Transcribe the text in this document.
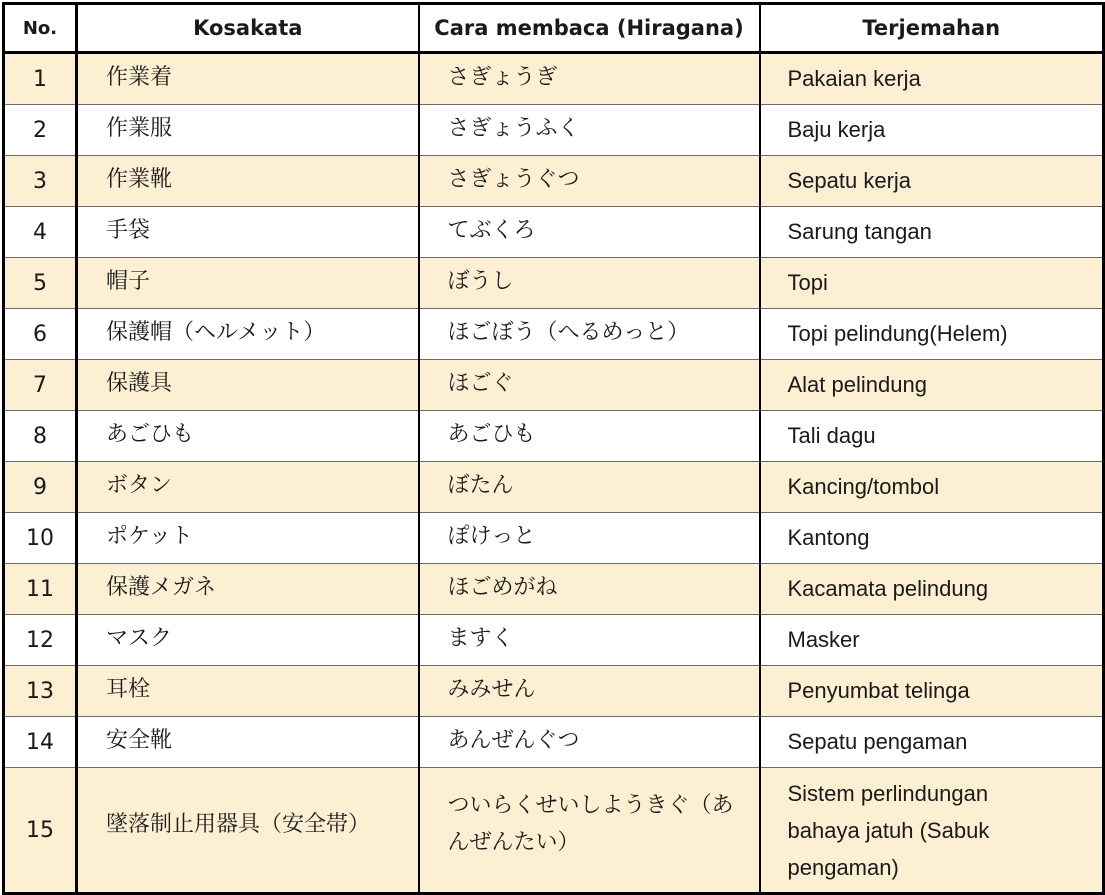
No.	Kosakata	Cara membaca (Hiragana)	Terjemahan
1	作業着	さぎょうぎ	Pakaian kerja
2	作業服	さぎょうふく	Baju kerja
3	作業靴	さぎょうぐつ	Sepatu kerja
4	手袋	てぶくろ	Sarung tangan
5	帽子	ぼうし	Topi
6	保護帽（ヘルメット）	ほごぼう（へるめっと）	Topi pelindung(Helem)
7	保護具	ほごぐ	Alat pelindung
8	あごひも	あごひも	Tali dagu
9	ボタン	ぼたん	Kancing/tombol
10	ポケット	ぽけっと	Kantong
11	保護メガネ	ほごめがね	Kacamata pelindung
12	マスク	ますく	Masker
13	耳栓	みみせん	Penyumbat telinga
14	安全靴	あんぜんぐつ	Sepatu pengaman
15	墜落制止用器具（安全帯）	ついらくせいしようきぐ（あんぜんたい）	Sistem perlindungan bahaya jatuh (Sabuk pengaman)
